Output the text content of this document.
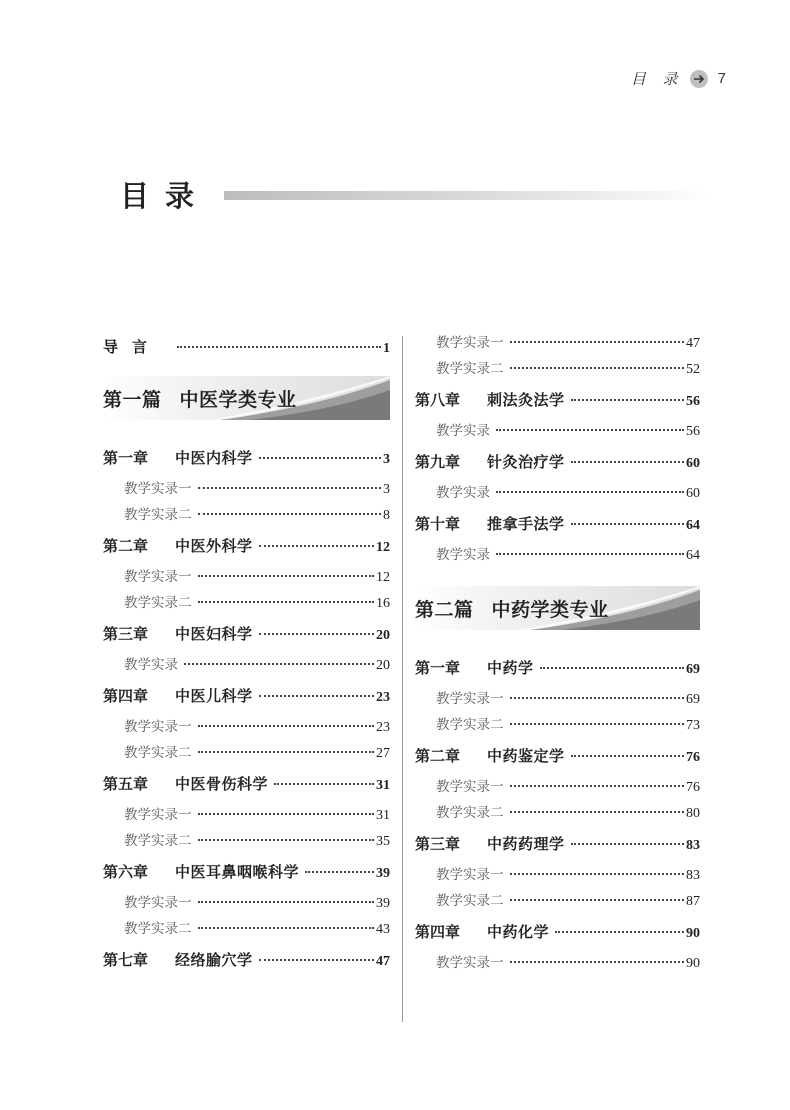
目 录 7
目录
导言	1
第一篇 中医学类专业
第一章	中医内科学	3
教学实录一	3
教学实录二	8
第二章	中医外科学	12
教学实录一	12
教学实录二	16
第三章	中医妇科学	20
教学实录	20
第四章	中医儿科学	23
教学实录一	23
教学实录二	27
第五章	中医骨伤科学	31
教学实录一	31
教学实录二	35
第六章	中医耳鼻咽喉科学	39
教学实录一	39
教学实录二	43
第七章	经络腧穴学	47
教学实录一	47
教学实录二	52
第八章	刺法灸法学	56
教学实录	56
第九章	针灸治疗学	60
教学实录	60
第十章	推拿手法学	64
教学实录	64
第二篇 中药学类专业
第一章	中药学	69
教学实录一	69
教学实录二	73
第二章	中药鉴定学	76
教学实录一	76
教学实录二	80
第三章	中药药理学	83
教学实录一	83
教学实录二	87
第四章	中药化学	90
教学实录一	90
